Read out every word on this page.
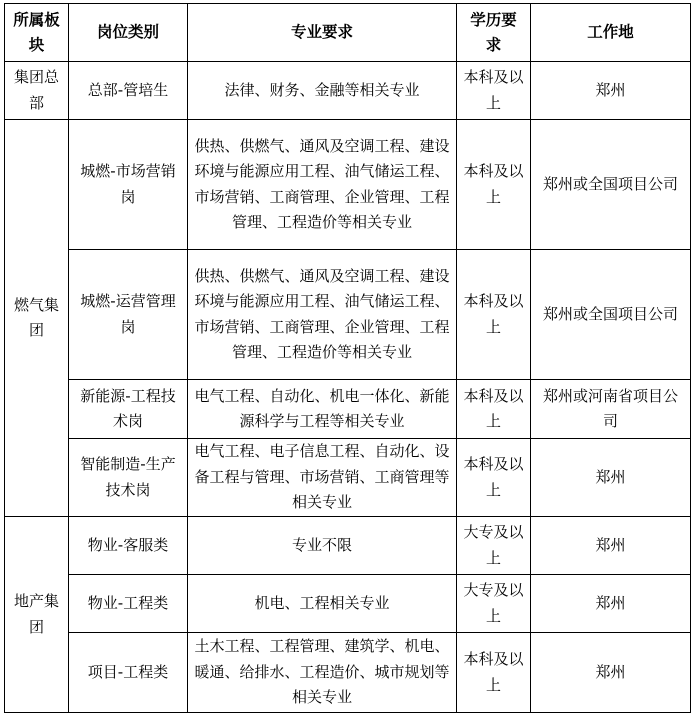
所属板块	岗位类别	专业要求	学历要求	工作地
集团总部	总部-管培生	法律、财务、金融等相关专业	本科及以上	郑州
燃气集团	城燃-市场营销岗	供热、供燃气、通风及空调工程、建设环境与能源应用工程、油气储运工程、市场营销、工商管理、企业管理、工程管理、工程造价等相关专业	本科及以上	郑州或全国项目公司
	城燃-运营管理岗	供热、供燃气、通风及空调工程、建设环境与能源应用工程、油气储运工程、市场营销、工商管理、企业管理、工程管理、工程造价等相关专业	本科及以上	郑州或全国项目公司
	新能源-工程技术岗	电气工程、自动化、机电一体化、新能源科学与工程等相关专业	本科及以上	郑州或河南省项目公司
	智能制造-生产技术岗	电气工程、电子信息工程、自动化、设备工程与管理、市场营销、工商管理等相关专业	本科及以上	郑州
地产集团	物业-客服类	专业不限	大专及以上	郑州
	物业-工程类	机电、工程相关专业	大专及以上	郑州
	项目-工程类	土木工程、工程管理、建筑学、机电、暖通、给排水、工程造价、城市规划等相关专业	本科及以上	郑州
